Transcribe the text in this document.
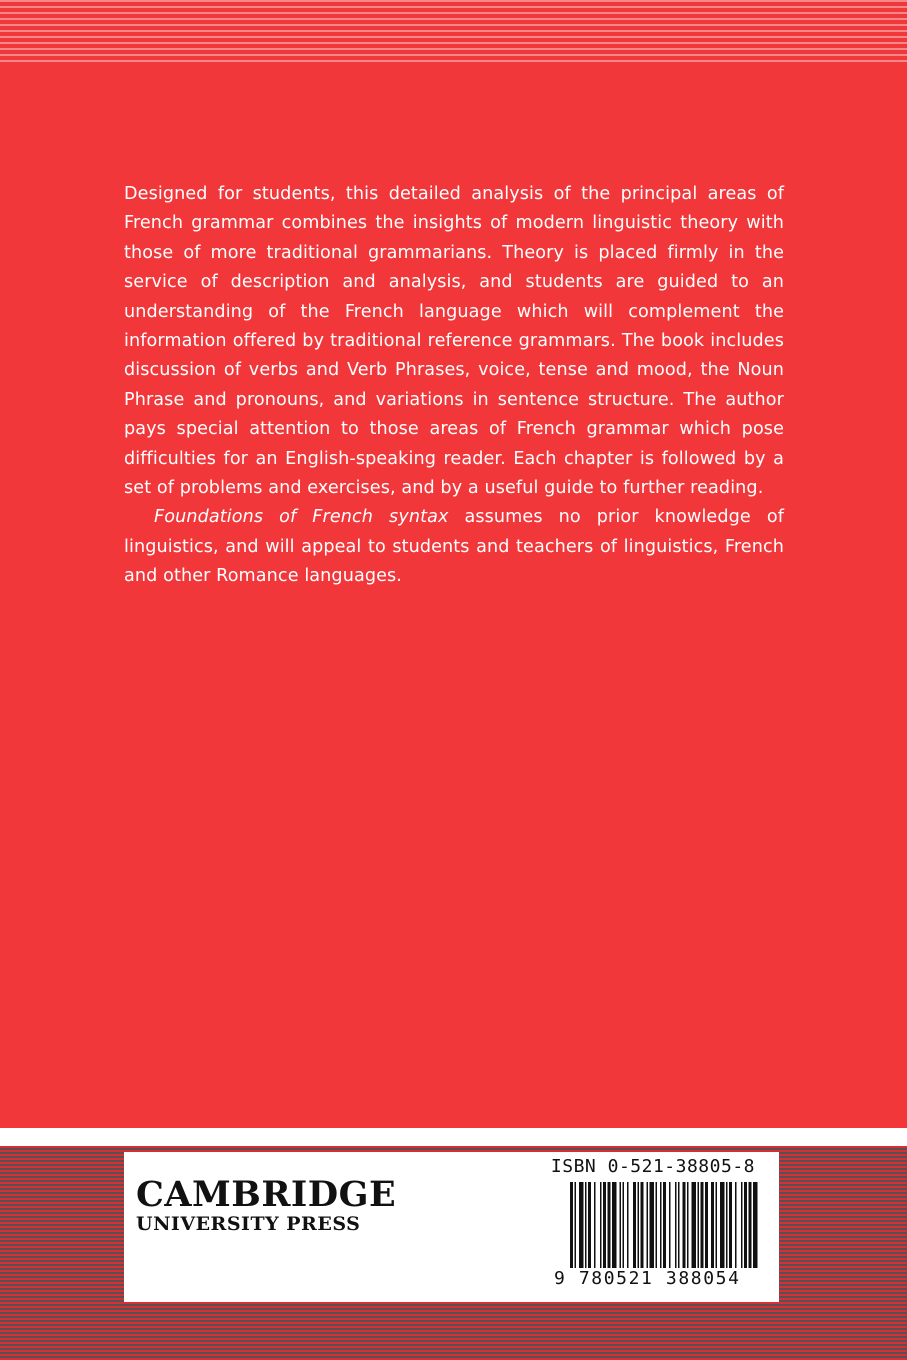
Designed for students, this detailed analysis of the principal areas of French grammar combines the insights of modern linguistic theory with those of more traditional grammarians. Theory is placed firmly in the service of description and analysis, and students are guided to an understanding of the French language which will complement the information offered by traditional reference grammars. The book includes discussion of verbs and Verb Phrases, voice, tense and mood, the Noun Phrase and pronouns, and variations in sentence structure. The author pays special attention to those areas of French grammar which pose difficulties for an English-speaking reader. Each chapter is followed by a set of problems and exercises, and by a useful guide to further reading.

Foundations of French syntax assumes no prior knowledge of linguistics, and will appeal to students and teachers of linguistics, French and other Romance languages.

CAMBRIDGE
UNIVERSITY PRESS
ISBN 0-521-38805-8
9 780521 388054
